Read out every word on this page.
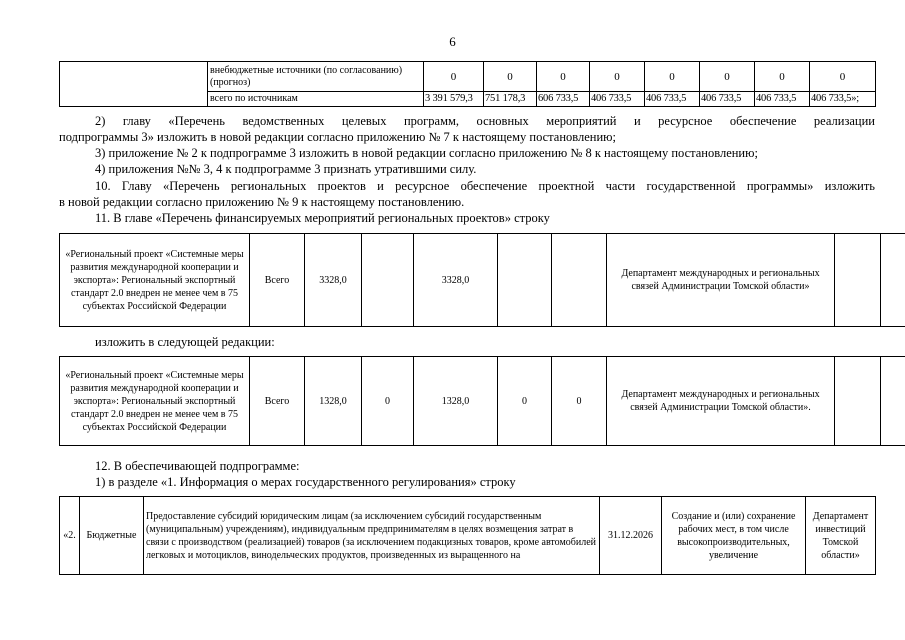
6
	внебюджетные источники (по согласованию) (прогноз)	0	0	0	0	0	0	0	0
	всего по источникам	3 391 579,3	751 178,3	606 733,5	406 733,5	406 733,5	406 733,5	406 733,5	406 733,5»;
2) главу «Перечень ведомственных целевых программ, основных мероприятий и ресурсное обеспечение реализации
подпрограммы 3» изложить в новой редакции согласно приложению № 7 к настоящему постановлению;
3) приложение № 2 к подпрограмме 3 изложить в новой редакции согласно приложению № 8 к настоящему постановлению;
4) приложения №№ 3, 4 к подпрограмме 3 признать утратившими силу.
10. Главу «Перечень региональных проектов и ресурсное обеспечение проектной части государственной программы» изложить
в новой редакции согласно приложению № 9 к настоящему постановлению.
11. В главе «Перечень финансируемых мероприятий региональных проектов» строку
«Региональный проект «Системные меры развития международной кооперации и экспорта»: Региональный экспортный стандарт 2.0 внедрен не менее чем в 75 субъектах Российской Федерации	Всего	3328,0		3328,0			Департамент международных и региональных связей Администрации Томской области»		
изложить в следующей редакции:
«Региональный проект «Системные меры развития международной кооперации и экспорта»: Региональный экспортный стандарт 2.0 внедрен не менее чем в 75 субъектах Российской Федерации	Всего	1328,0	0	1328,0	0	0	Департамент международных и региональных связей Администрации Томской области».		
12. В обеспечивающей подпрограмме:
1) в разделе «1. Информация о мерах государственного регулирования» строку
«2.	Бюджетные	Предоставление субсидий юридическим лицам (за исключением субсидий государственным (муниципальным) учреждениям), индивидуальным предпринимателям в целях возмещения затрат в связи с производством (реализацией) товаров (за исключением подакцизных товаров, кроме автомобилей легковых и мотоциклов, винодельческих продуктов, произведенных из выращенного на	31.12.2026	Создание и (или) сохранение рабочих мест, в том числе высокопроизводительных, увеличение	Департамент инвестиций Томской области»
